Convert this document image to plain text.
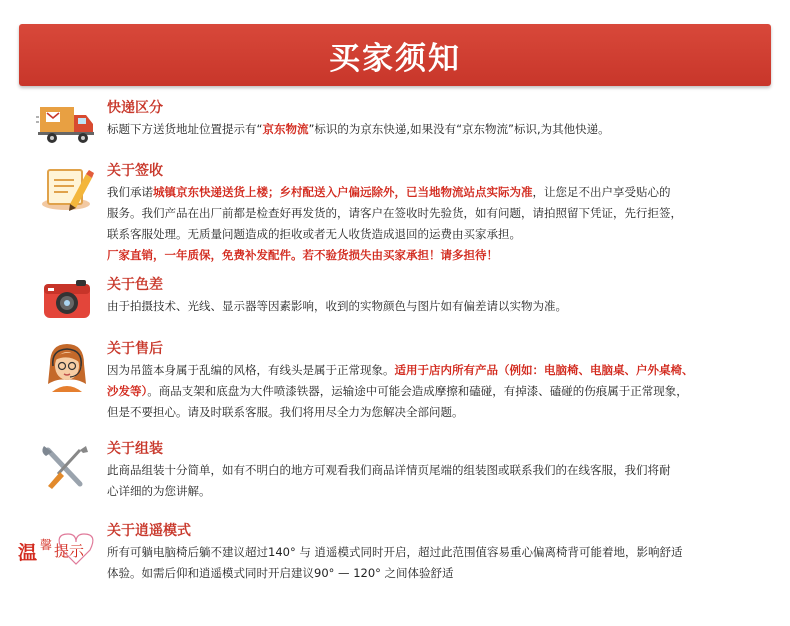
买家须知
快递区分
标题下方送货地址位置提示有“京东物流”标识的为京东快递,如果没有“京东物流”标识,为其他快递。
关于签收
我们承诺城镇京东快递送货上楼；乡村配送入户偏远除外，已当地物流站点实际为准，让您足不出户享受贴心的
服务。我们产品在出厂前都是检查好再发货的，请客户在签收时先验货，如有问题，请拍照留下凭证，先行拒签，
联系客服处理。无质量问题造成的拒收或者无人收货造成退回的运费由买家承担。
厂家直销，一年质保，免费补发配件。若不验货损失由买家承担！请多担待！
关于色差
由于拍摄技术、光线、显示器等因素影响，收到的实物颜色与图片如有偏差请以实物为准。
关于售后
因为吊篮本身属于乱编的风格，有线头是属于正常现象。适用于店内所有产品（例如：电脑椅、电脑桌、户外桌椅、
沙发等）。商品支架和底盘为大件喷漆铁器，运输途中可能会造成摩擦和磕碰，有掉漆、磕碰的伤痕属于正常现象，
但是不要担心。请及时联系客服。我们将用尽全力为您解决全部问题。
关于组装
此商品组装十分简单，如有不明白的地方可观看我们商品详情页尾端的组装图或联系我们的在线客服，我们将耐
心详细的为您讲解。
温 馨 提示
关于逍遥模式
所有可躺电脑椅后躺不建议超过140° 与 逍遥模式同时开启，超过此范围值容易重心偏离椅背可能着地，影响舒适
体验。如需后仰和逍遥模式同时开启建议90° — 120° 之间体验舒适
